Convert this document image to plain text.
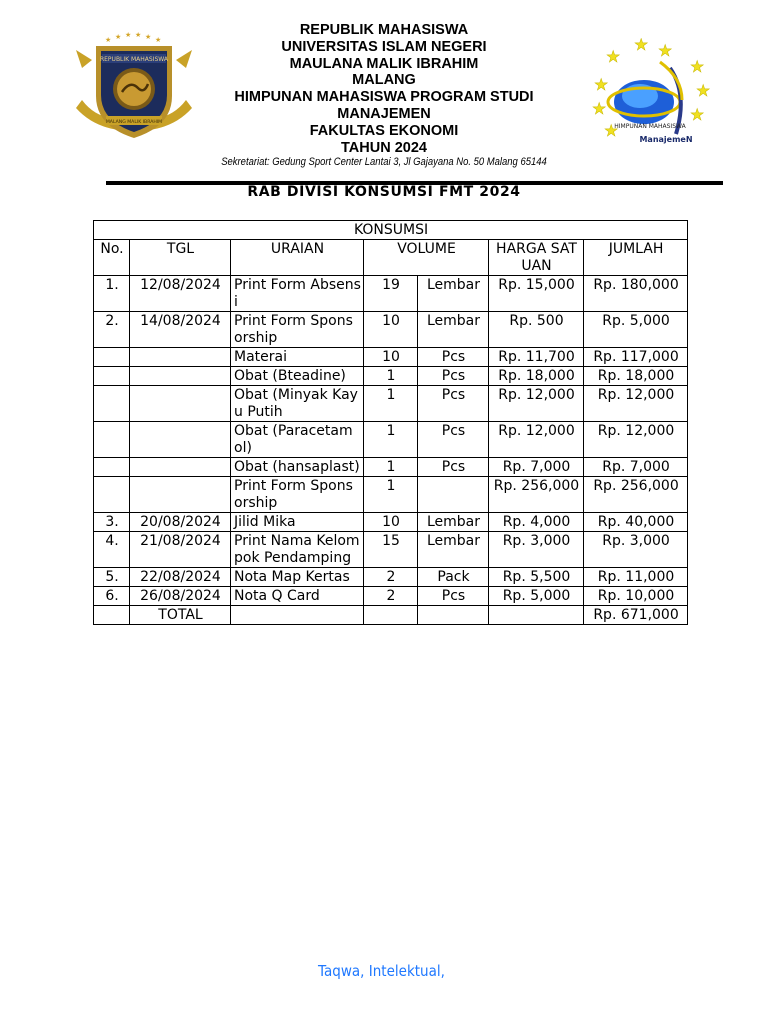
★ ★ ★ ★ ★ ★
REPUBLIK MAHASISWA
MALANG MALIK IBRAHIM
REPUBLIK MAHASISWA
UNIVERSITAS ISLAM NEGERI
MAULANA MALIK IBRAHIM
MALANG
HIMPUNAN MAHASISWA PROGRAM STUDI
MANAJEMEN
FAKULTAS EKONOMI
TAHUN 2024
★
★ ★
★
★
★
★
★
★
HIMPUNAN MAHASISWA
ManajemeN
Sekretariat: Gedung Sport Center Lantai 3, Jl Gajayana No. 50 Malang 65144
RAB DIVISI KONSUMSI FMT 2024
KONSUMSI						
No.	TGL	URAIAN	VOLUME		HARGA SATUAN	JUMLAH
1.	12/08/2024	Print Form Absensi	19	Lembar	Rp. 15,000	Rp. 180,000
2.	14/08/2024	Print Form Sponsorship	10	Lembar	Rp. 500	Rp. 5,000
		Materai	10	Pcs	Rp. 11,700	Rp. 117,000
		Obat (Bteadine)	1	Pcs	Rp. 18,000	Rp. 18,000
		Obat (Minyak Kayu Putih	1	Pcs	Rp. 12,000	Rp. 12,000
		Obat (Paracetamol)	1	Pcs	Rp. 12,000	Rp. 12,000
		Obat (hansaplast)	1	Pcs	Rp. 7,000	Rp. 7,000
		Print Form Sponsorship	1		Rp. 256,000	Rp. 256,000
3.	20/08/2024	Jilid Mika	10	Lembar	Rp. 4,000	Rp. 40,000
4.	21/08/2024	Print Nama Kelompok Pendamping	15	Lembar	Rp. 3,000	Rp. 3,000
5.	22/08/2024	Nota Map Kertas	2	Pack	Rp. 5,500	Rp. 11,000
6.	26/08/2024	Nota Q Card	2	Pcs	Rp. 5,000	Rp. 10,000
	TOTAL					Rp. 671,000
Taqwa, Intelektual,
